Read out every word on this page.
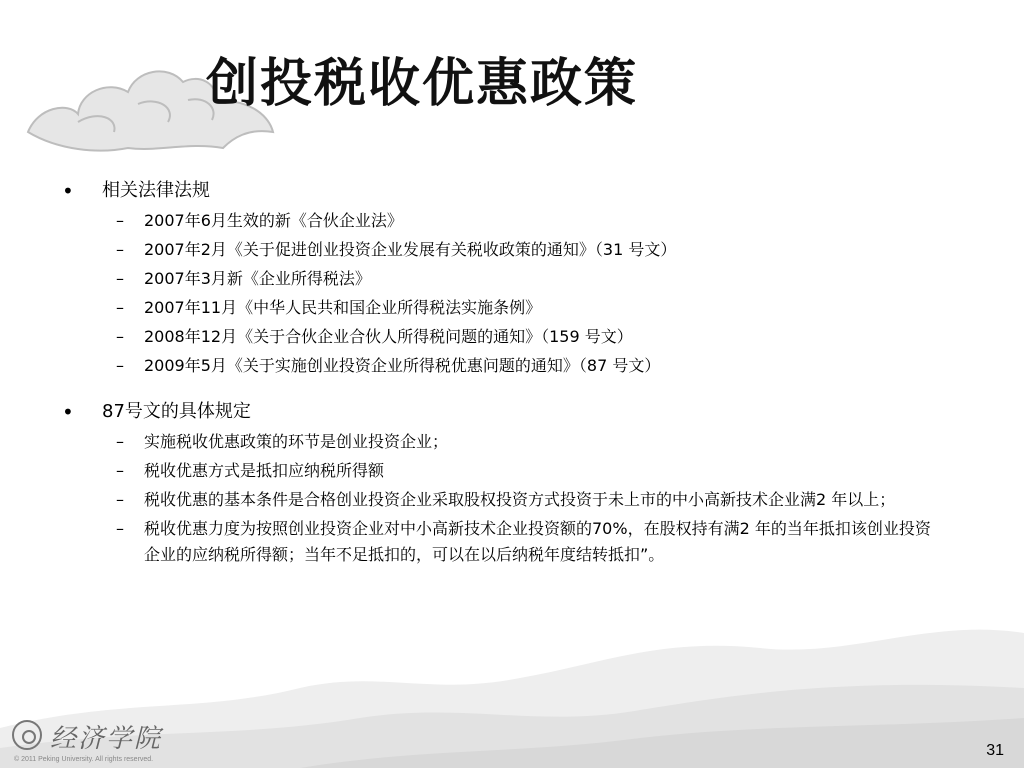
创投税收优惠政策
•	相关法律法规
–	2007年6月生效的新《合伙企业法》
–	2007年2月《关于促进创业投资企业发展有关税收政策的通知》（31 号文）
–	2007年3月新《企业所得税法》
–	2007年11月《中华人民共和国企业所得税法实施条例》
–	2008年12月《关于合伙企业合伙人所得税问题的通知》（159 号文）
–	2009年5月《关于实施创业投资企业所得税优惠问题的通知》（87 号文）
•	87号文的具体规定
–	实施税收优惠政策的环节是创业投资企业；
–	税收优惠方式是抵扣应纳税所得额
–	税收优惠的基本条件是合格创业投资企业采取股权投资方式投资于未上市的中小高新技术企业满2 年以上；
–	税收优惠力度为按照创业投资企业对中小高新技术企业投资额的70%，在股权持有满2 年的当年抵扣该创业投资企业的应纳税所得额；当年不足抵扣的，可以在以后纳税年度结转抵扣”。
经济学院
© 2011 Peking University. All rights reserved.
31
